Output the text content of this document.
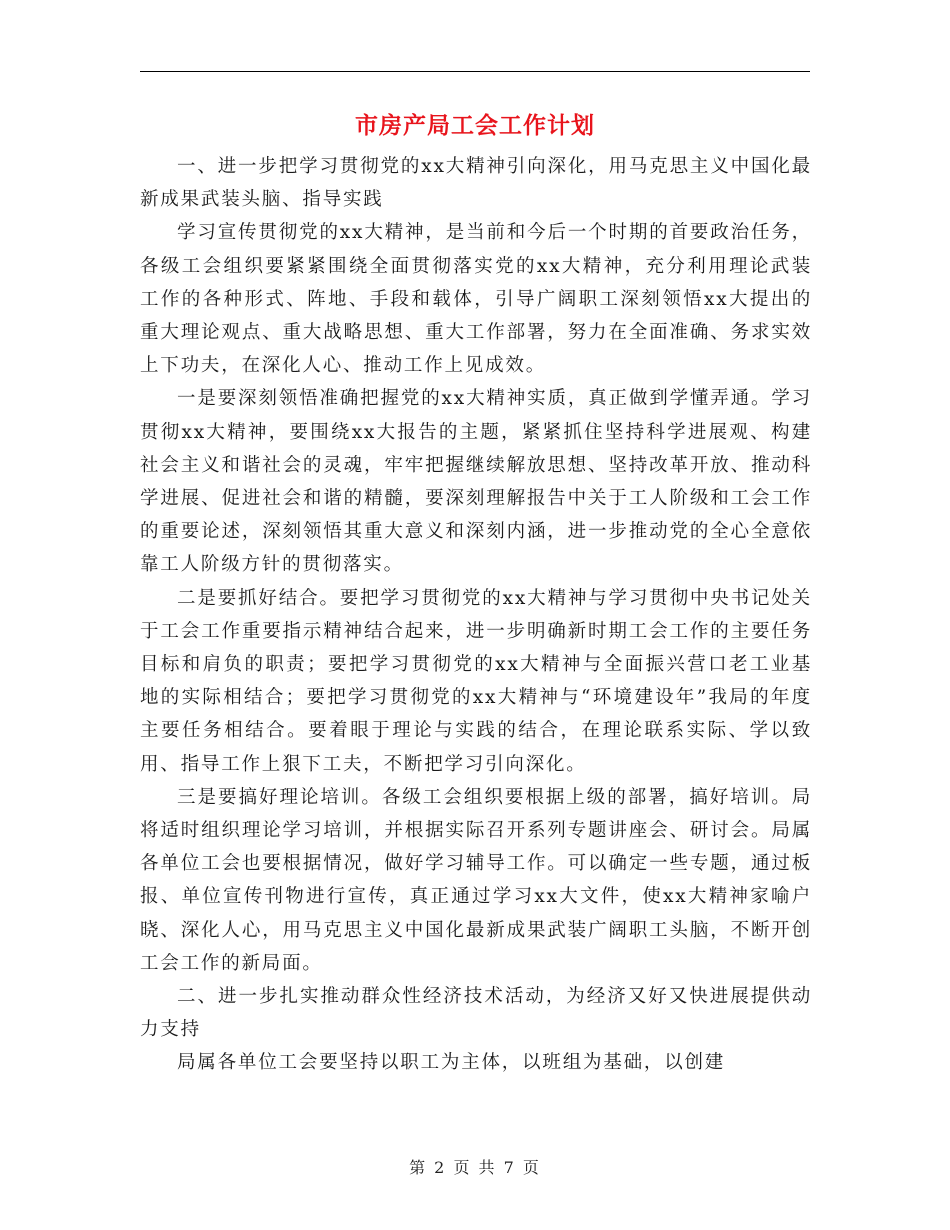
市房产局工会工作计划

一、进一步把学习贯彻党的xx大精神引向深化，用马克思主义中国化最新成果武装头脑、指导实践

学习宣传贯彻党的xx大精神，是当前和今后一个时期的首要政治任务，各级工会组织要紧紧围绕全面贯彻落实党的xx大精神，充分利用理论武装工作的各种形式、阵地、手段和载体，引导广阔职工深刻领悟xx大提出的重大理论观点、重大战略思想、重大工作部署，努力在全面准确、务求实效上下功夫，在深化人心、推动工作上见成效。

一是要深刻领悟准确把握党的xx大精神实质，真正做到学懂弄通。学习贯彻xx大精神，要围绕xx大报告的主题，紧紧抓住坚持科学进展观、构建社会主义和谐社会的灵魂，牢牢把握继续解放思想、坚持改革开放、推动科学进展、促进社会和谐的精髓，要深刻理解报告中关于工人阶级和工会工作的重要论述，深刻领悟其重大意义和深刻内涵，进一步推动党的全心全意依靠工人阶级方针的贯彻落实。

二是要抓好结合。要把学习贯彻党的xx大精神与学习贯彻中央书记处关于工会工作重要指示精神结合起来，进一步明确新时期工会工作的主要任务目标和肩负的职责；要把学习贯彻党的xx大精神与全面振兴营口老工业基地的实际相结合；要把学习贯彻党的xx大精神与“环境建设年”我局的年度主要任务相结合。要着眼于理论与实践的结合，在理论联系实际、学以致用、指导工作上狠下工夫，不断把学习引向深化。

三是要搞好理论培训。各级工会组织要根据上级的部署，搞好培训。局将适时组织理论学习培训，并根据实际召开系列专题讲座会、研讨会。局属各单位工会也要根据情况，做好学习辅导工作。可以确定一些专题，通过板报、单位宣传刊物进行宣传，真正通过学习xx大文件，使xx大精神家喻户晓、深化人心，用马克思主义中国化最新成果武装广阔职工头脑，不断开创工会工作的新局面。

二、进一步扎实推动群众性经济技术活动，为经济又好又快进展提供动力支持

局属各单位工会要坚持以职工为主体，以班组为基础，以创建

第 2 页 共 7 页
